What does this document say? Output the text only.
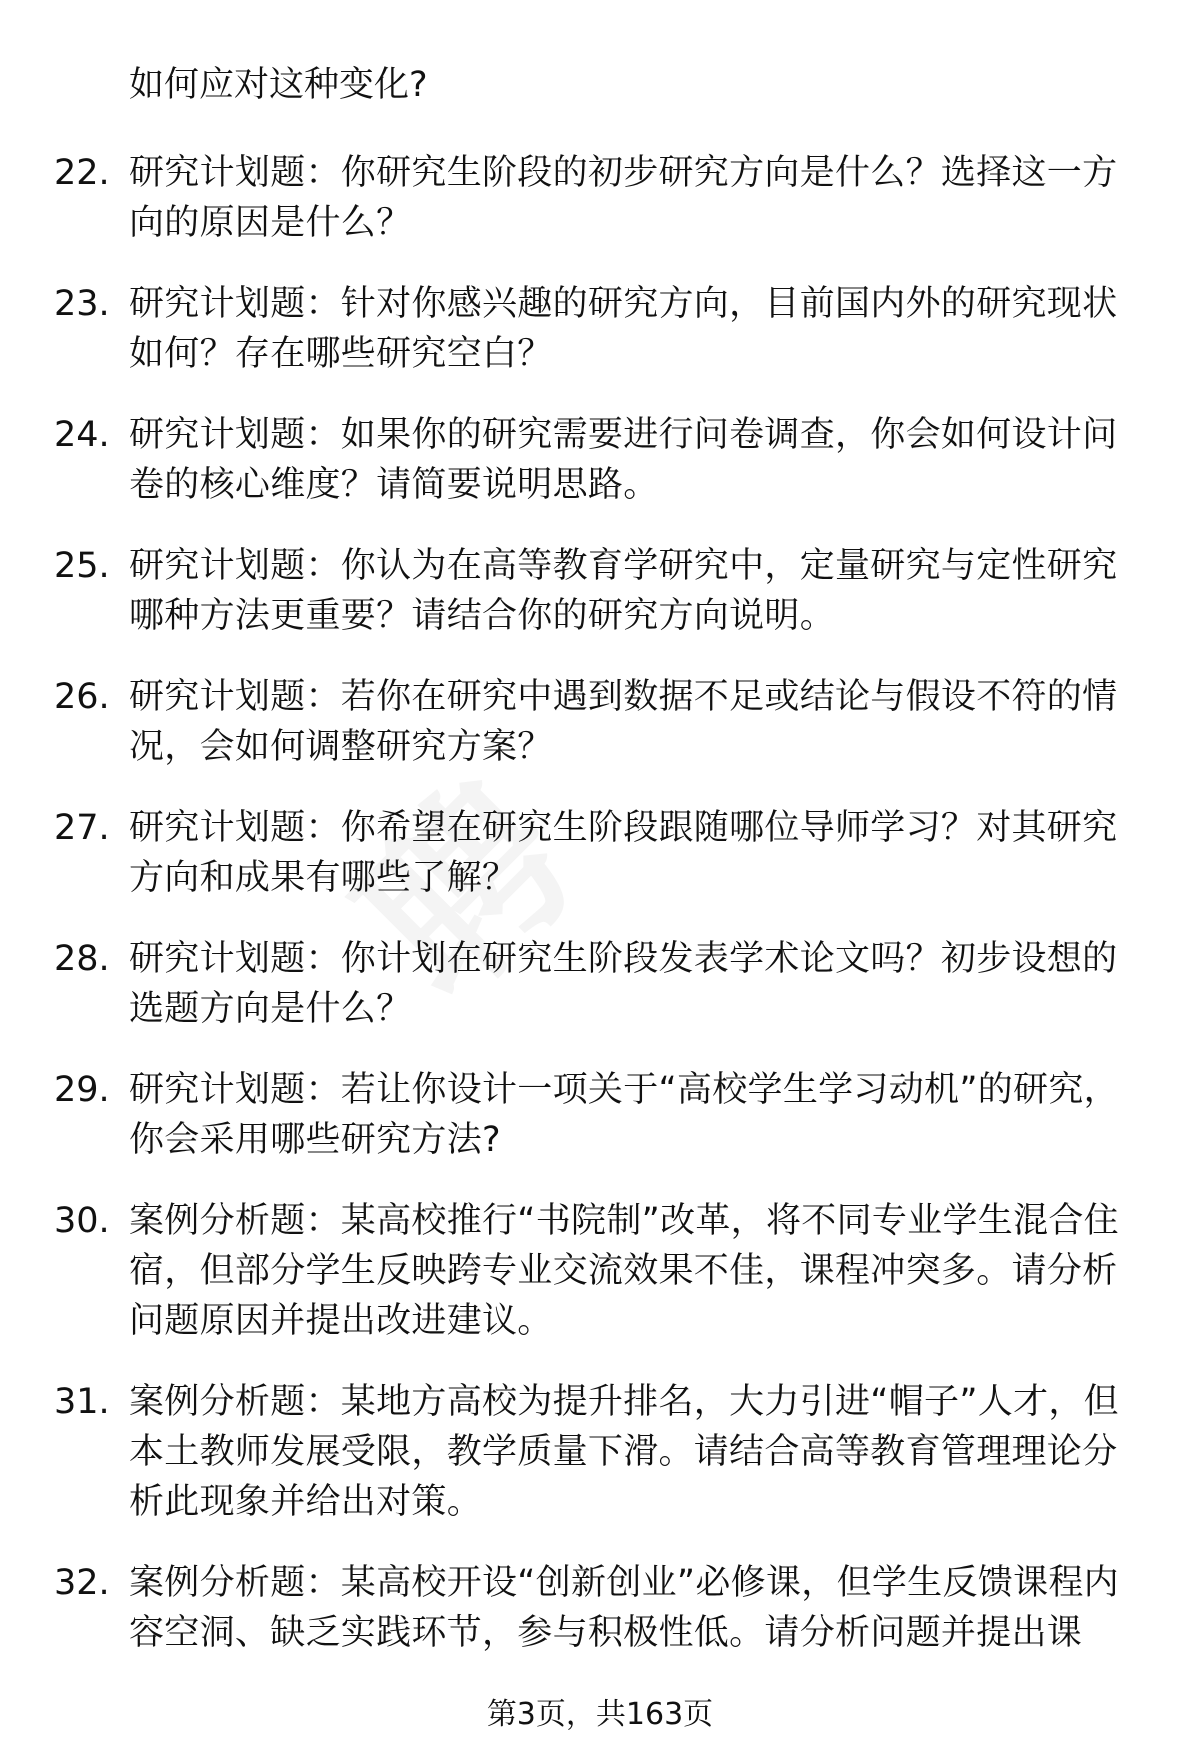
如何应对这种变化?
22. 研究计划题：你研究生阶段的初步研究方向是什么？选择这一方向的原因是什么？
23. 研究计划题：针对你感兴趣的研究方向，目前国内外的研究现状如何？存在哪些研究空白？
24. 研究计划题：如果你的研究需要进行问卷调查，你会如何设计问卷的核心维度？请简要说明思路。
25. 研究计划题：你认为在高等教育学研究中，定量研究与定性研究哪种方法更重要？请结合你的研究方向说明。
26. 研究计划题：若你在研究中遇到数据不足或结论与假设不符的情况，会如何调整研究方案？
27. 研究计划题：你希望在研究生阶段跟随哪位导师学习？对其研究方向和成果有哪些了解？
28. 研究计划题：你计划在研究生阶段发表学术论文吗？初步设想的选题方向是什么？
29. 研究计划题：若让你设计一项关于“高校学生学习动机”的研究，你会采用哪些研究方法?
30. 案例分析题：某高校推行“书院制”改革，将不同专业学生混合住宿，但部分学生反映跨专业交流效果不佳，课程冲突多。请分析问题原因并提出改进建议。
31. 案例分析题：某地方高校为提升排名，大力引进“帽子”人才，但本土教师发展受限，教学质量下滑。请结合高等教育管理理论分析此现象并给出对策。
32. 案例分析题：某高校开设“创新创业”必修课，但学生反馈课程内容空洞、缺乏实践环节，参与积极性低。请分析问题并提出课
第3页，共163页
